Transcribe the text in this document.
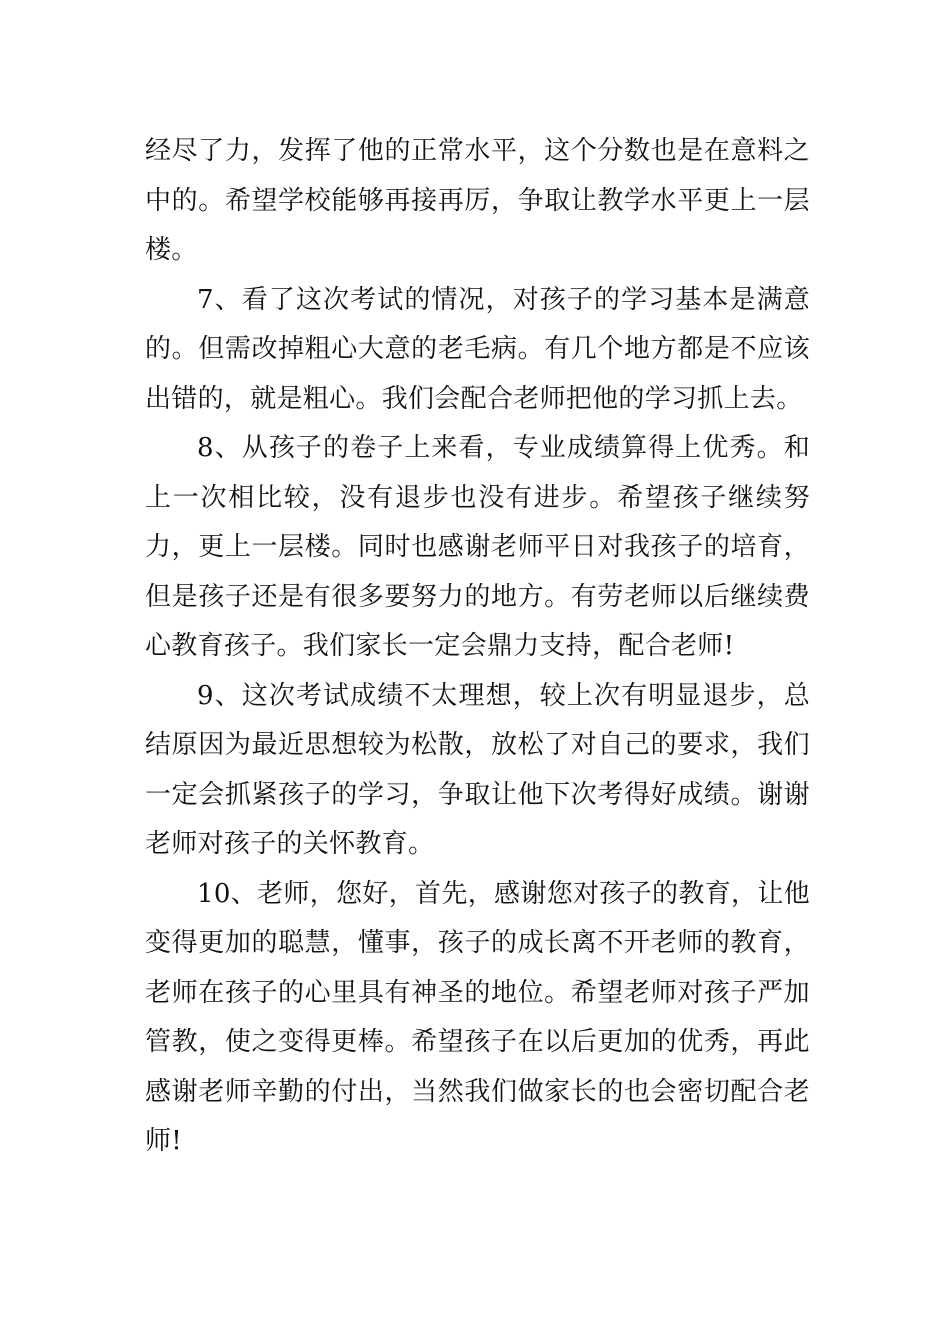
经尽了力，发挥了他的正常水平，这个分数也是在意料之中的。希望学校能够再接再厉，争取让教学水平更上一层楼。

7、看了这次考试的情况，对孩子的学习基本是满意的。但需改掉粗心大意的老毛病。有几个地方都是不应该出错的，就是粗心。我们会配合老师把他的学习抓上去。

8、从孩子的卷子上来看，专业成绩算得上优秀。和上一次相比较，没有退步也没有进步。希望孩子继续努力，更上一层楼。同时也感谢老师平日对我孩子的培育，但是孩子还是有很多要努力的地方。有劳老师以后继续费心教育孩子。我们家长一定会鼎力支持，配合老师!

9、这次考试成绩不太理想，较上次有明显退步，总结原因为最近思想较为松散，放松了对自己的要求，我们一定会抓紧孩子的学习，争取让他下次考得好成绩。谢谢老师对孩子的关怀教育。

10、老师，您好，首先，感谢您对孩子的教育，让他变得更加的聪慧，懂事，孩子的成长离不开老师的教育，老师在孩子的心里具有神圣的地位。希望老师对孩子严加管教，使之变得更棒。希望孩子在以后更加的优秀，再此感谢老师辛勤的付出，当然我们做家长的也会密切配合老师!
